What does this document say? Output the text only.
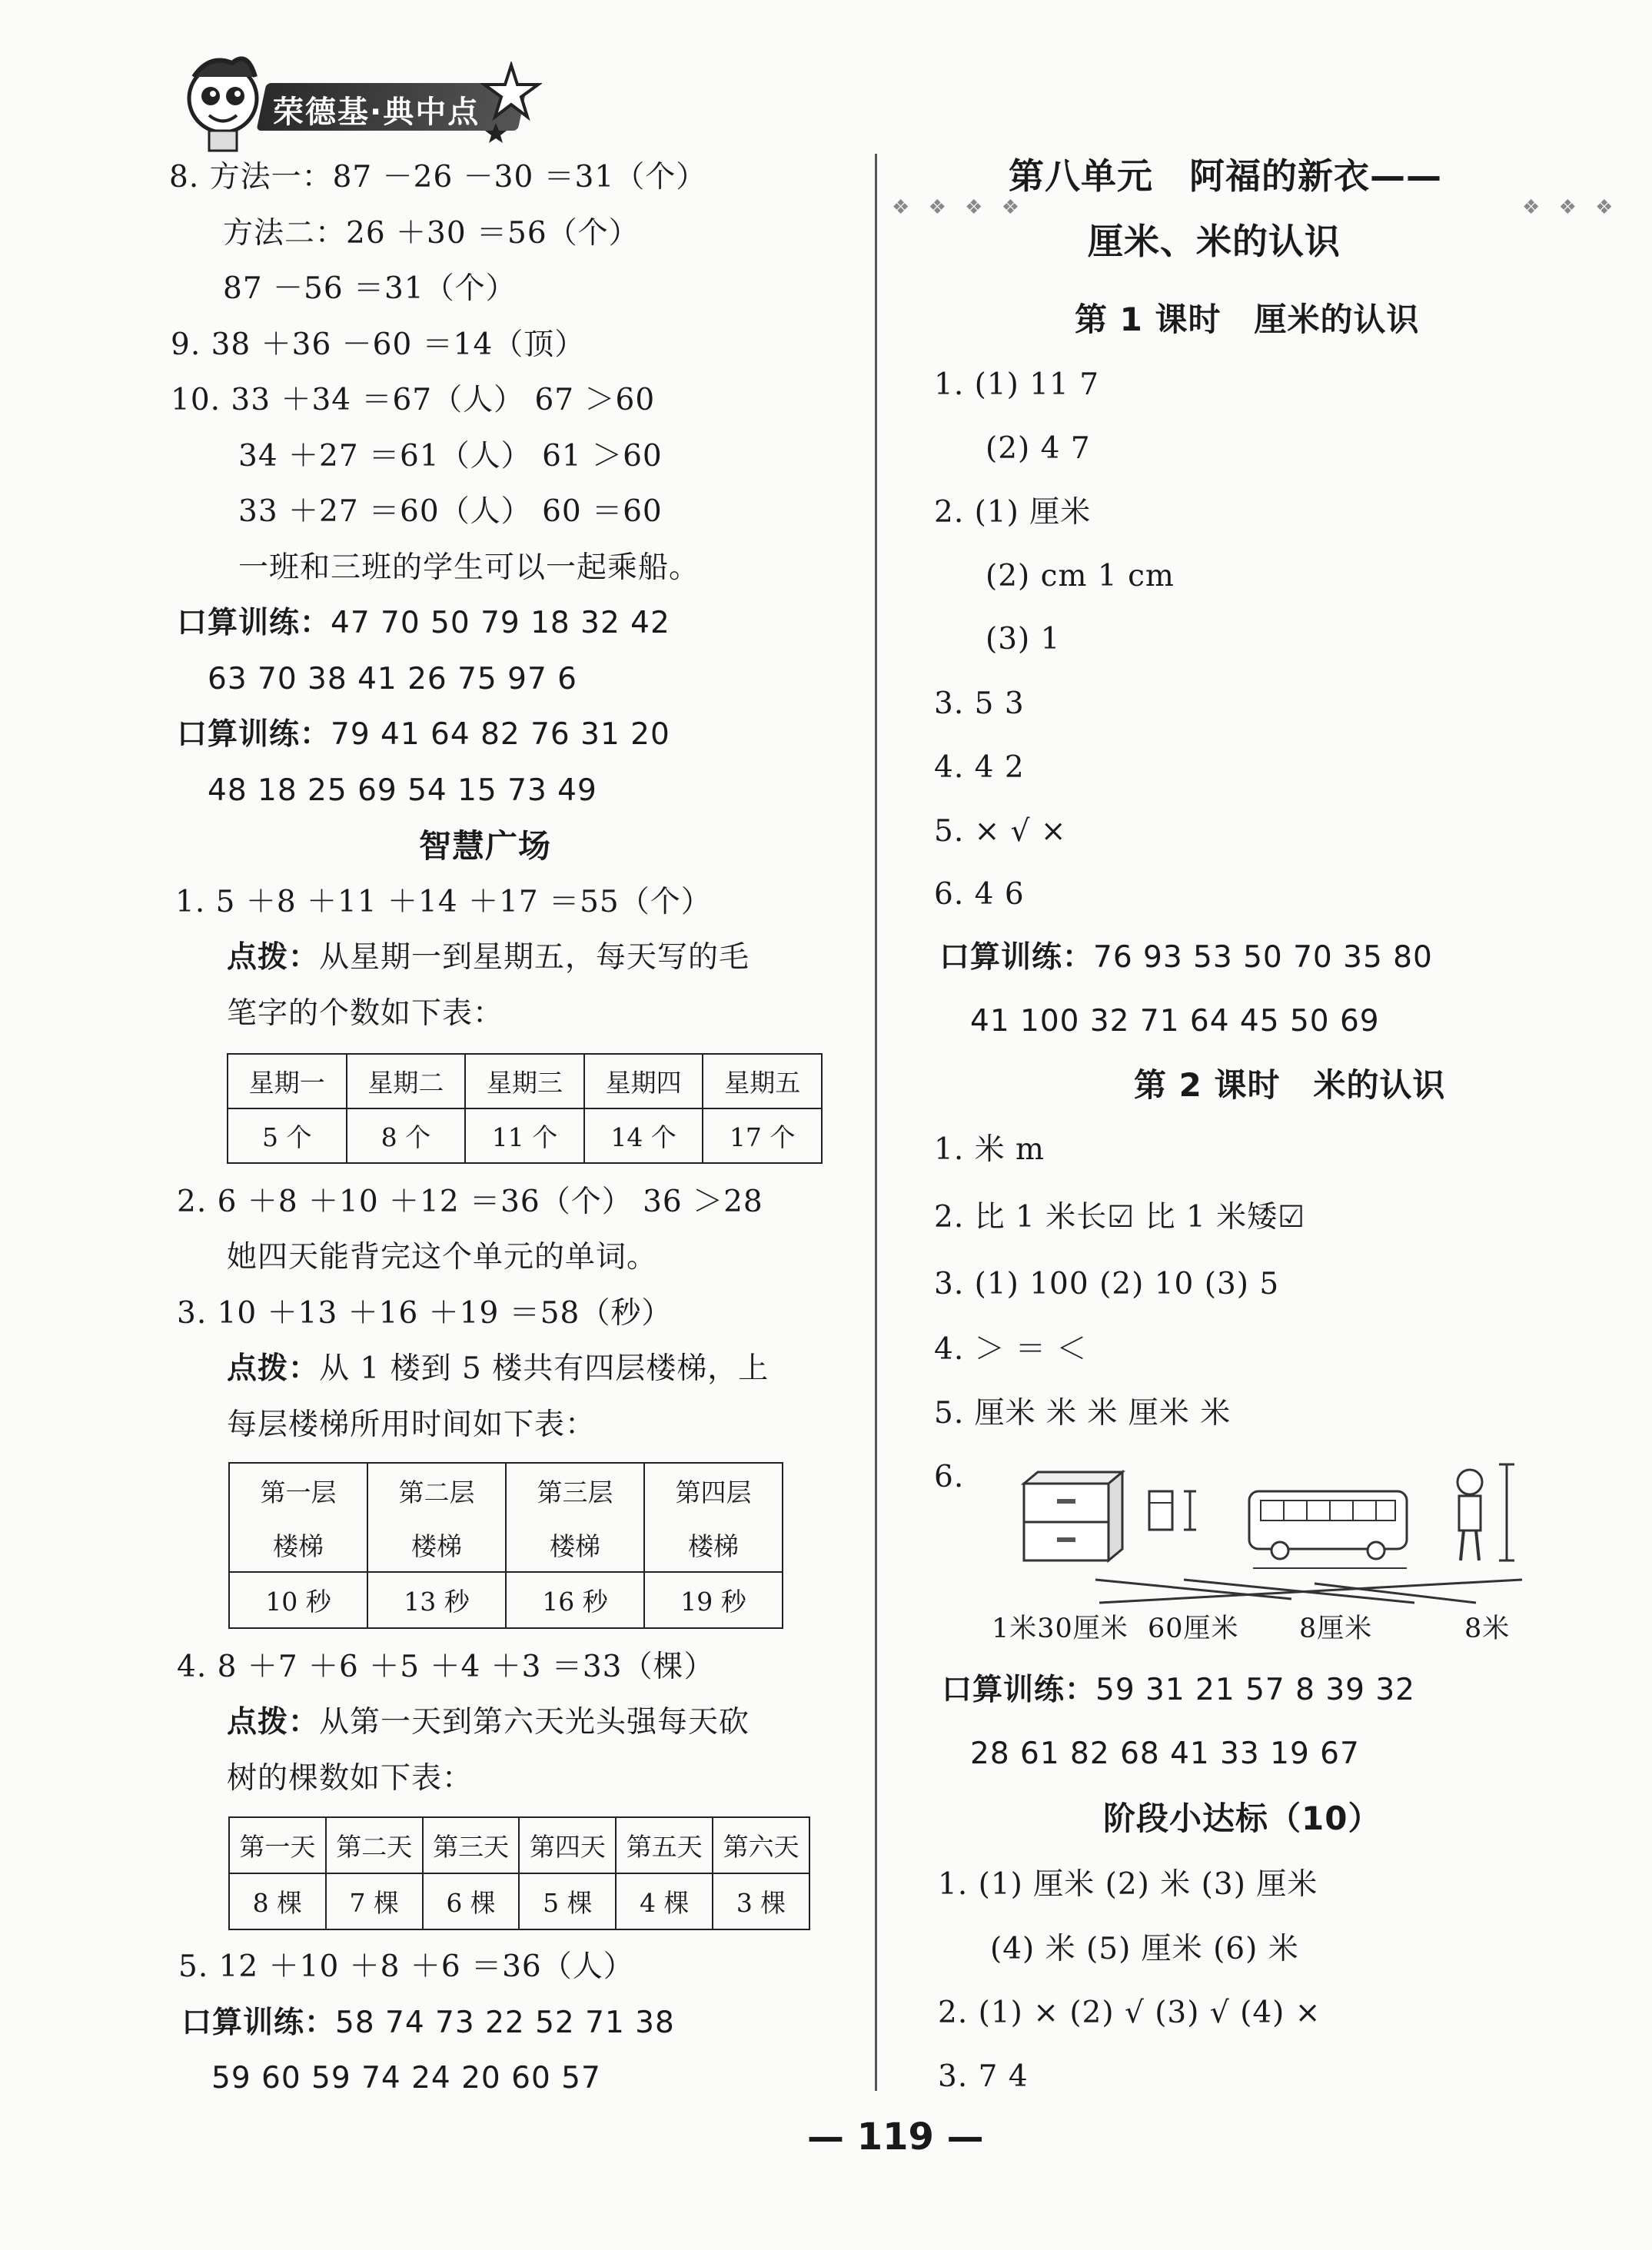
荣德基·典中点
❖ ❖ ❖ ❖	❖ ❖ ❖
8. 方法一：87 －26 －30 ＝31（个）
方法二：26 ＋30 ＝56（个）
87 －56 ＝31（个）
9. 38 ＋36 －60 ＝14（顶）
10. 33 ＋34 ＝67（人） 67 ＞60
34 ＋27 ＝61（人） 61 ＞60
33 ＋27 ＝60（人） 60 ＝60
一班和三班的学生可以一起乘船。
口算训练：47 70 50 79 18 32 42
63 70 38 41 26 75 97 6
口算训练：79 41 64 82 76 31 20
48 18 25 69 54 15 73 49
智慧广场
1. 5 ＋8 ＋11 ＋14 ＋17 ＝55（个）
点拨：从星期一到星期五，每天写的毛
笔字的个数如下表：
星期一	星期二	星期三	星期四	星期五
5 个	8 个	11 个	14 个	17 个
2. 6 ＋8 ＋10 ＋12 ＝36（个） 36 ＞28
她四天能背完这个单元的单词。
3. 10 ＋13 ＋16 ＋19 ＝58（秒）
点拨：从 1 楼到 5 楼共有四层楼梯，上
每层楼梯所用时间如下表：
第一层	第二层	第三层	第四层
楼梯	楼梯	楼梯	楼梯
10 秒	13 秒	16 秒	19 秒
4. 8 ＋7 ＋6 ＋5 ＋4 ＋3 ＝33（棵）
点拨：从第一天到第六天光头强每天砍
树的棵数如下表：
第一天	第二天	第三天	第四天	第五天	第六天
8 棵	7 棵	6 棵	5 棵	4 棵	3 棵
5. 12 ＋10 ＋8 ＋6 ＝36（人）
口算训练：58 74 73 22 52 71 38
59 60 59 74 24 20 60 57
第八单元　阿福的新衣——
厘米、米的认识
第 1 课时　厘米的认识
1. (1) 11 7
(2) 4 7
2. (1) 厘米
(2) cm 1 cm
(3) 1
3. 5 3
4. 4 2
5. × √ ×
6. 4 6
口算训练：76 93 53 50 70 35 80
41 100 32 71 64 45 50 69
第 2 课时　米的认识
1. 米 m
2. 比 1 米长☑ 比 1 米矮☑
3. (1) 100 (2) 10 (3) 5
4. ＞ ＝ ＜
5. 厘米 米 米 厘米 米
6.
1米30厘米 60厘米 8厘米	8米
口算训练：59 31 21 57 8 39 32
28 61 82 68 41 33 19 67
阶段小达标（10）
1. (1) 厘米 (2) 米 (3) 厘米
(4) 米 (5) 厘米 (6) 米
2. (1) × (2) √ (3) √ (4) ×
3. 7 4
— 119 —
